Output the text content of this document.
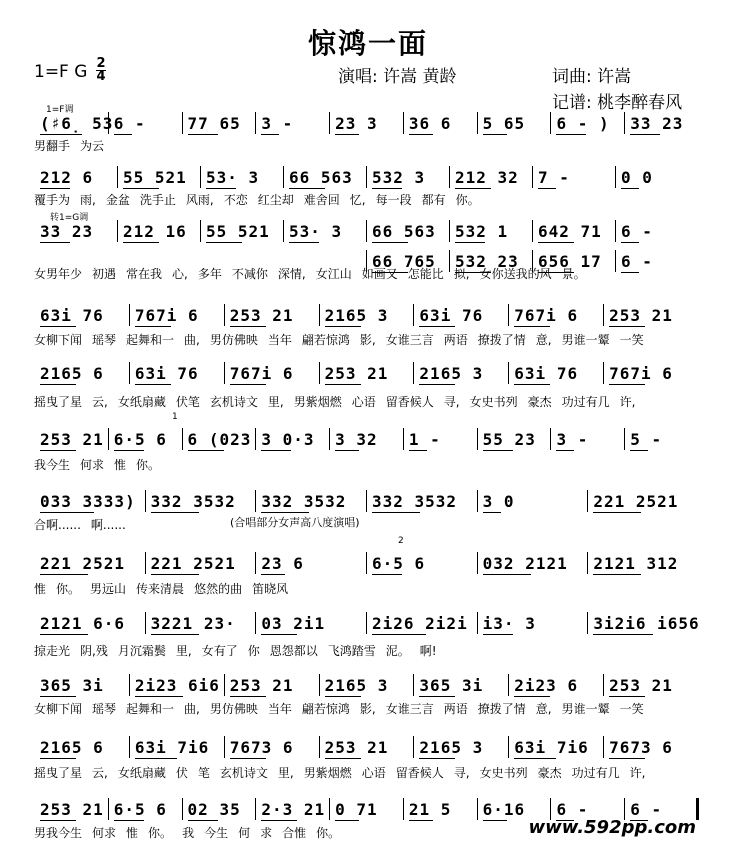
惊鸿一面
1=F G 2
4	演唱: 许嵩 黄龄	词曲: 许嵩
记谱: 桃李醉春风
(♯6̣ 53 6 -	77 65 3 -	23 3 36 6 5 65 6 - ) 33 23
男翻手 为云
212 6 55 521 53· 3 66 563 532 3 212 32 7 -	0 0
覆手为 雨, 金盆 洗手止 风雨, 不恋 红尘却 难舍回 忆, 每一段 都有 你。
33 23 212 16 55 521 53· 3 66 563 532 1 642 71 6 -
女男年少 初遇 常在我 心, 多年 不减你 深情, 女江山 如画又 怎能比 拟, 女你送我的风 景。
66 765 532 23 656 17 6 -
63i 76 767i 6 253 21 2165 3 63i 76 767i 6 253 21
女柳下闻 瑶琴 起舞和一 曲, 男仿佛映 当年 翩若惊鸿 影, 女谁三言 两语 撩拨了情 意, 男谁一颦 一笑
2165 6 63i 76 767i 6 253 21 2165 3 63i 76 767i 6
摇曳了星 云, 女纸扇藏 伏笔 玄机诗文 里, 男紫烟燃 心语 留香候人 寻, 女史书列 豪杰 功过有几 许,
253 21 6·5 6 6 (023 3 0·3 3 32 1 -	55 23 3 -	5 -
我今生 何求 惟 你。
033 3333) 332 3532 332 3532 332 3532 3 0	221 2521
合啊...... 啊......
221 2521 221 2521 23 6	6·5 6	032 2121 2121 312
惟 你。 男远山 传来清晨 悠然的曲 笛晓风
2121 6·6 3221 23· 03 2i1	2i26 2i2i i3· 3	3i2i6 i656
掠走光 阴,残 月沉霜鬓 里, 女有了 你 恩怨都以 飞鸿踏雪 泥。 啊!
365 3i 2i23 6i6 253 21 2165 3 365 3i 2i23 6 253 21
女柳下闻 瑶琴 起舞和一 曲, 男仿佛映 当年 翩若惊鸿 影, 女谁三言 两语 撩拨了情 意, 男谁一颦 一笑
2165 6 63i 7i6 7673 6 253 21 2165 3 63i 7i6 7673 6
摇曳了星 云, 女纸扇藏 伏 笔 玄机诗文 里, 男紫烟燃 心语 留香候人 寻, 女史书列 豪杰 功过有几 许,
253 21 6·5 6 02 35 2·3 21 0 71 21 5 6·16 6 -	6 -
男我今生 何求 惟 你。 我 今生 何 求 合惟 你。
1=F调
转1=G调
1
2
(合唱部分女声高八度演唱)
www.592pp.com
